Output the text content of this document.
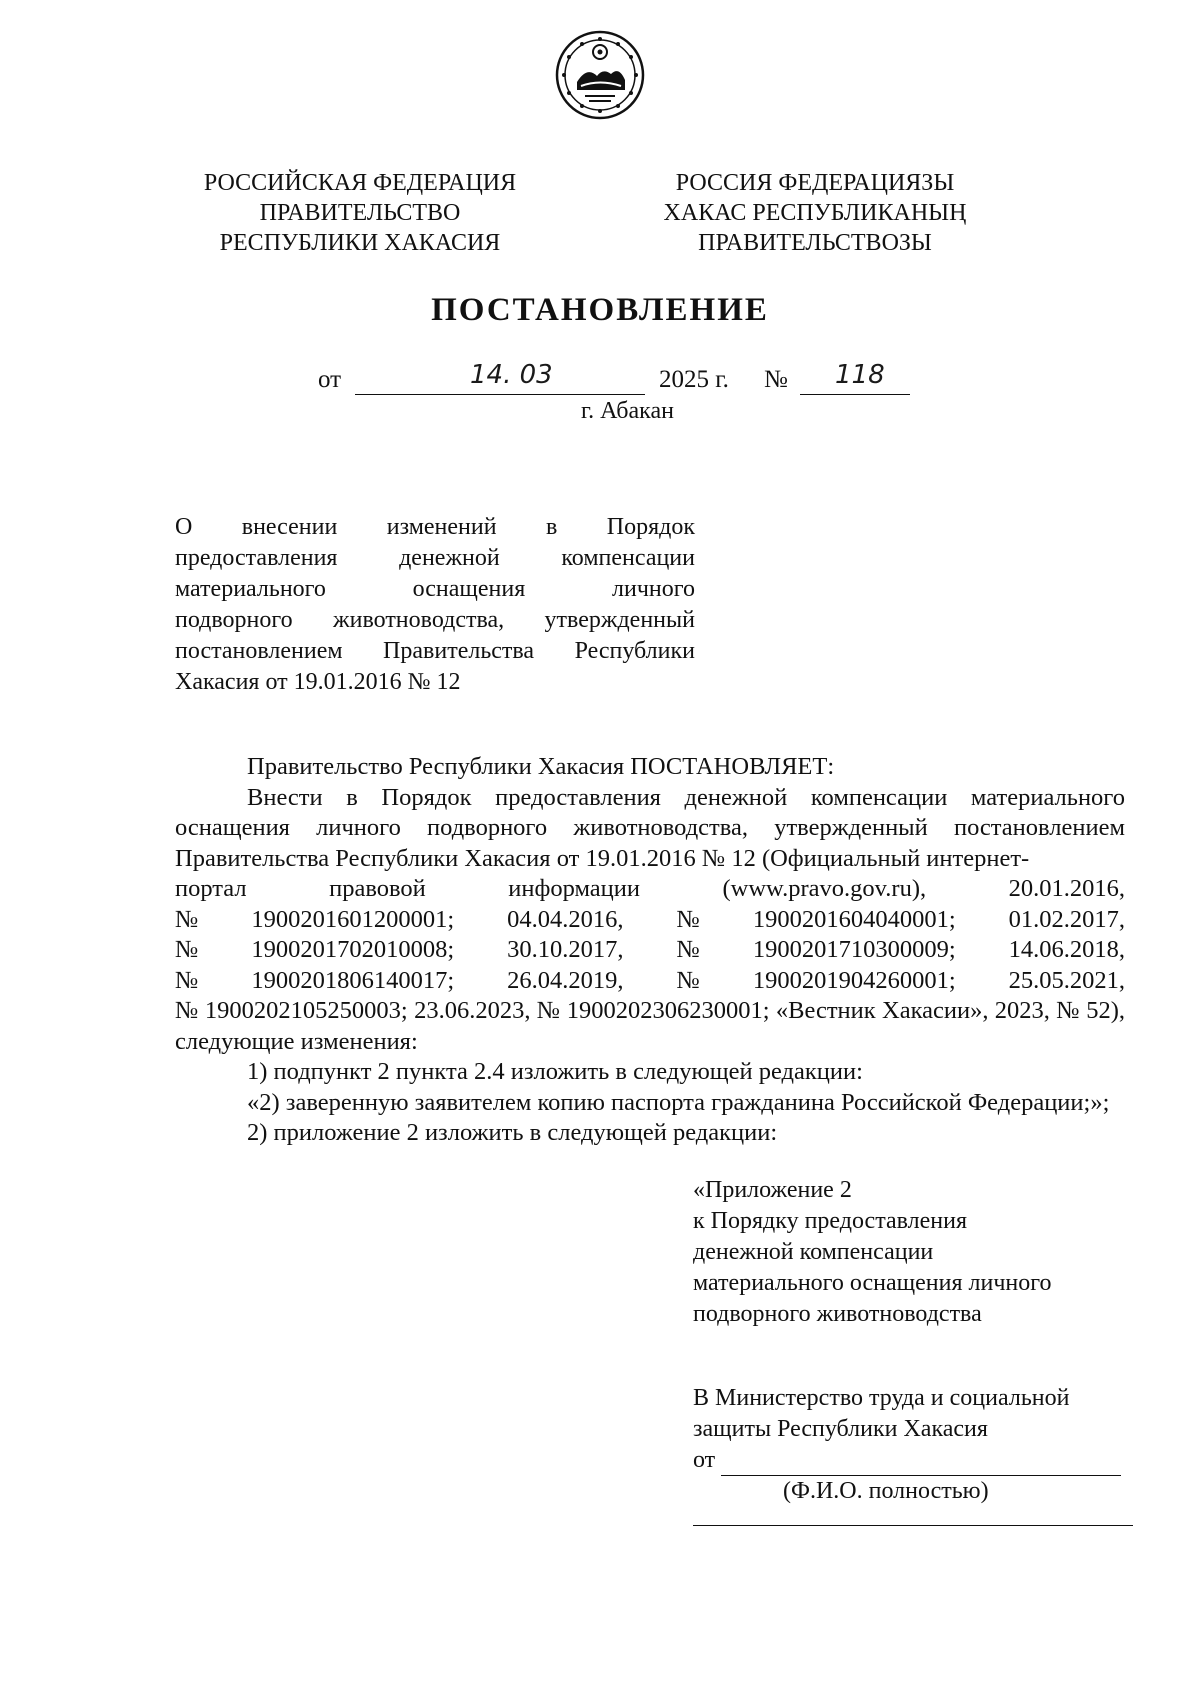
РОССИЙСКАЯ ФЕДЕРАЦИЯ
ПРАВИТЕЛЬСТВО
РЕСПУБЛИКИ ХАКАСИЯ
РОССИЯ ФЕДЕРАЦИЯЗЫ
ХАКАС РЕСПУБЛИКАНЫҢ
ПРАВИТЕЛЬСТВОЗЫ
ПОСТАНОВЛЕНИЕ
от	14. 03	2025 г. № 118
г. Абакан
О внесении изменений в Порядок
предоставления денежной компенсации
материального оснащения личного
подворного животноводства, утвержденный
постановлением Правительства Республики
Хакасия от 19.01.2016 № 12
Правительство Республики Хакасия ПОСТАНОВЛЯЕТ:
Внести в Порядок предоставления денежной компенсации материального оснащения личного подворного животноводства, утвержденный постановлением Правительства Республики Хакасия от 19.01.2016 № 12 (Официальный интернет-
портал	правовой	информации	(www.pravo.gov.ru),	20.01.2016,
№ 1900201601200001; 04.04.2016, № 1900201604040001; 01.02.2017,
№ 1900201702010008; 30.10.2017, № 1900201710300009; 14.06.2018,
№ 1900201806140017; 26.04.2019, № 1900201904260001; 25.05.2021,
№ 1900202105250003; 23.06.2023, № 1900202306230001; «Вестник Хакасии», 2023, № 52), следующие изменения:
1) подпункт 2 пункта 2.4 изложить в следующей редакции:
«2) заверенную заявителем копию паспорта гражданина Российской Федерации;»;
2) приложение 2 изложить в следующей редакции:
«Приложение 2
к Порядку предоставления
денежной компенсации
материального оснащения личного
подворного животноводства
В Министерство труда и социальной
защиты Республики Хакасия
от
(Ф.И.О. полностью)
